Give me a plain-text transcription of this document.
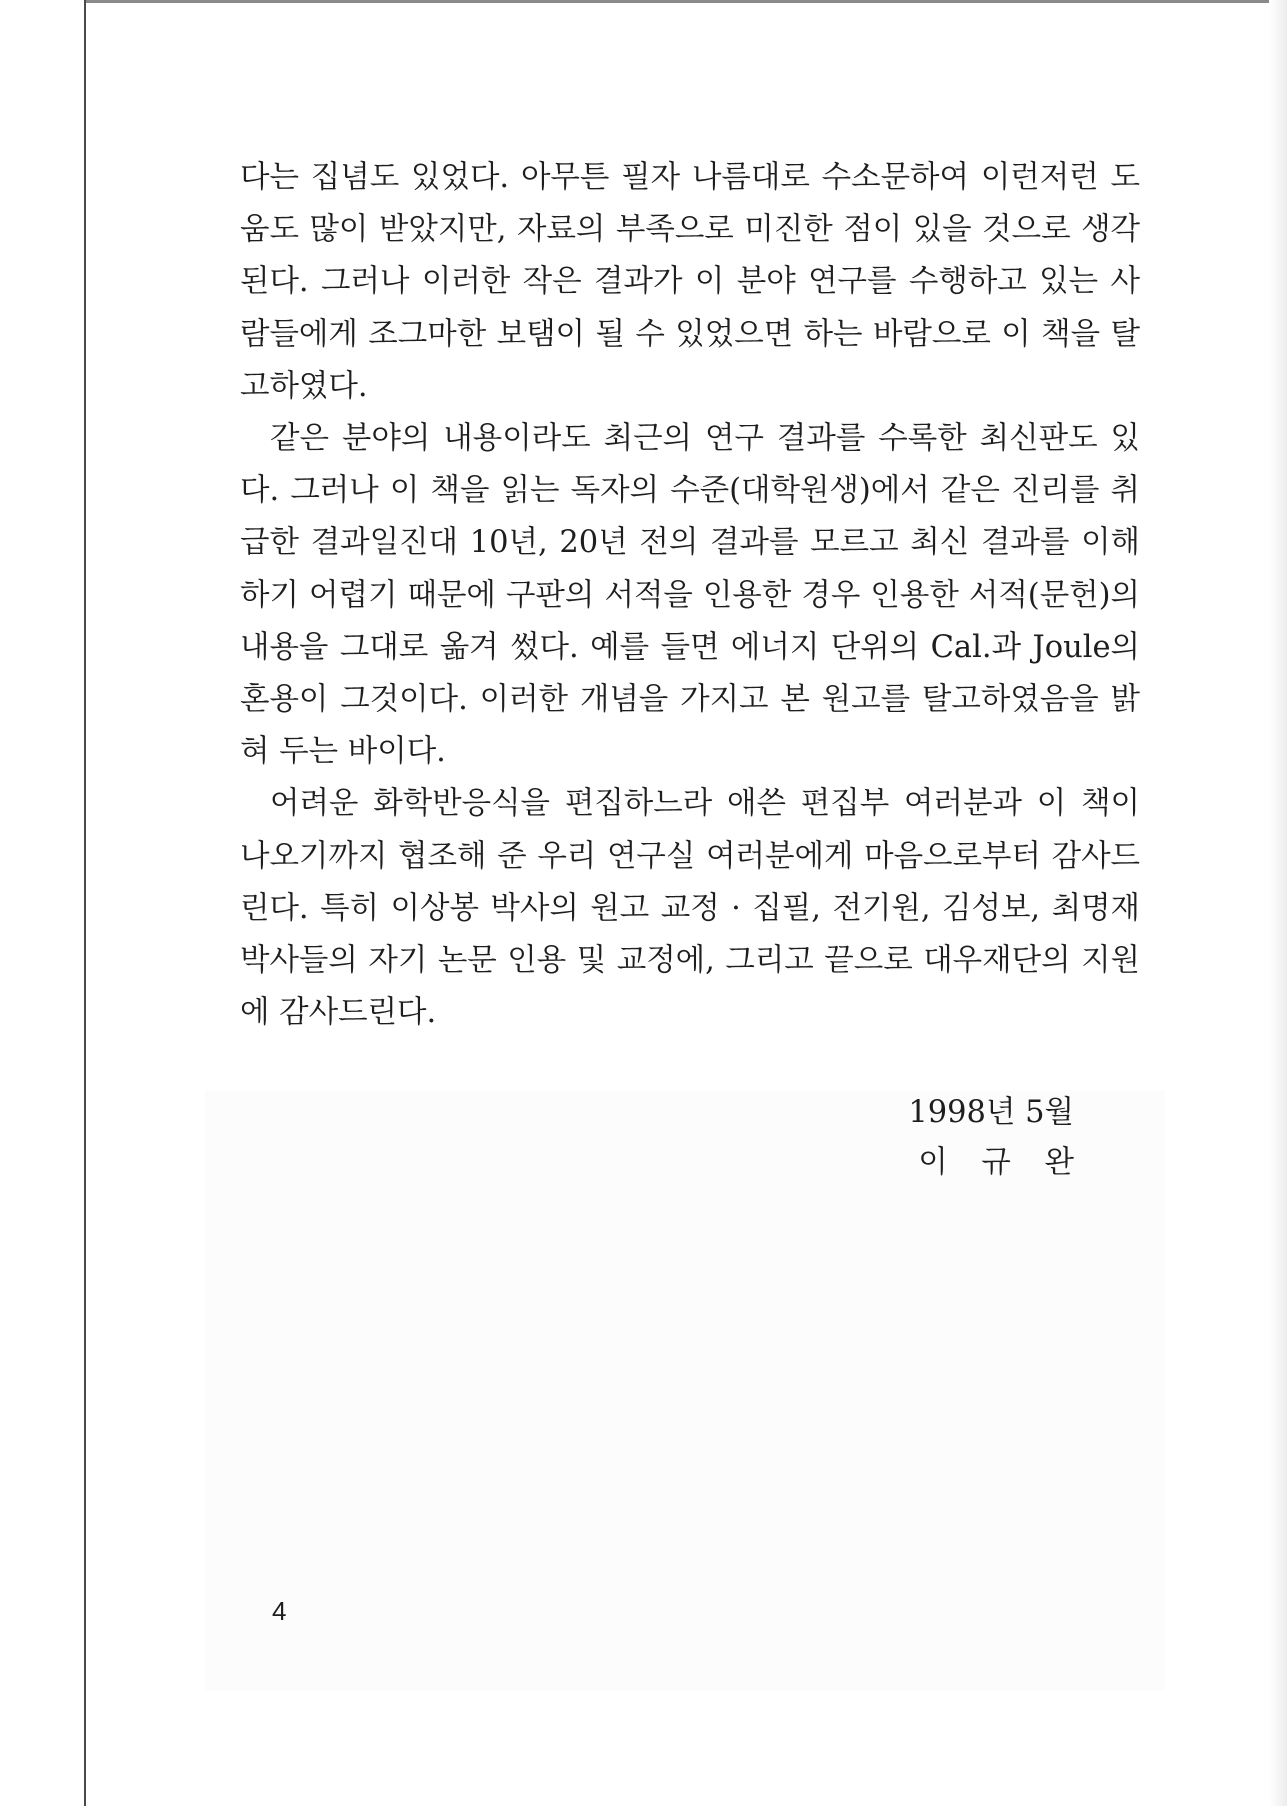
다는 집념도 있었다. 아무튼 필자 나름대로 수소문하여 이런저런 도움도 많이 받았지만, 자료의 부족으로 미진한 점이 있을 것으로 생각된다. 그러나 이러한 작은 결과가 이 분야 연구를 수행하고 있는 사람들에게 조그마한 보탬이 될 수 있었으면 하는 바람으로 이 책을 탈고하였다.

같은 분야의 내용이라도 최근의 연구 결과를 수록한 최신판도 있다. 그러나 이 책을 읽는 독자의 수준(대학원생)에서 같은 진리를 취급한 결과일진대 10년, 20년 전의 결과를 모르고 최신 결과를 이해하기 어렵기 때문에 구판의 서적을 인용한 경우 인용한 서적(문헌)의 내용을 그대로 옮겨 썼다. 예를 들면 에너지 단위의 Cal.과 Joule의 혼용이 그것이다. 이러한 개념을 가지고 본 원고를 탈고하였음을 밝혀 두는 바이다.

어려운 화학반응식을 편집하느라 애쓴 편집부 여러분과 이 책이 나오기까지 협조해 준 우리 연구실 여러분에게 마음으로부터 감사드린다. 특히 이상봉 박사의 원고 교정 · 집필, 전기원, 김성보, 최명재 박사들의 자기 논문 인용 및 교정에, 그리고 끝으로 대우재단의 지원에 감사드린다.

1998년 5월
이 규 완
4
